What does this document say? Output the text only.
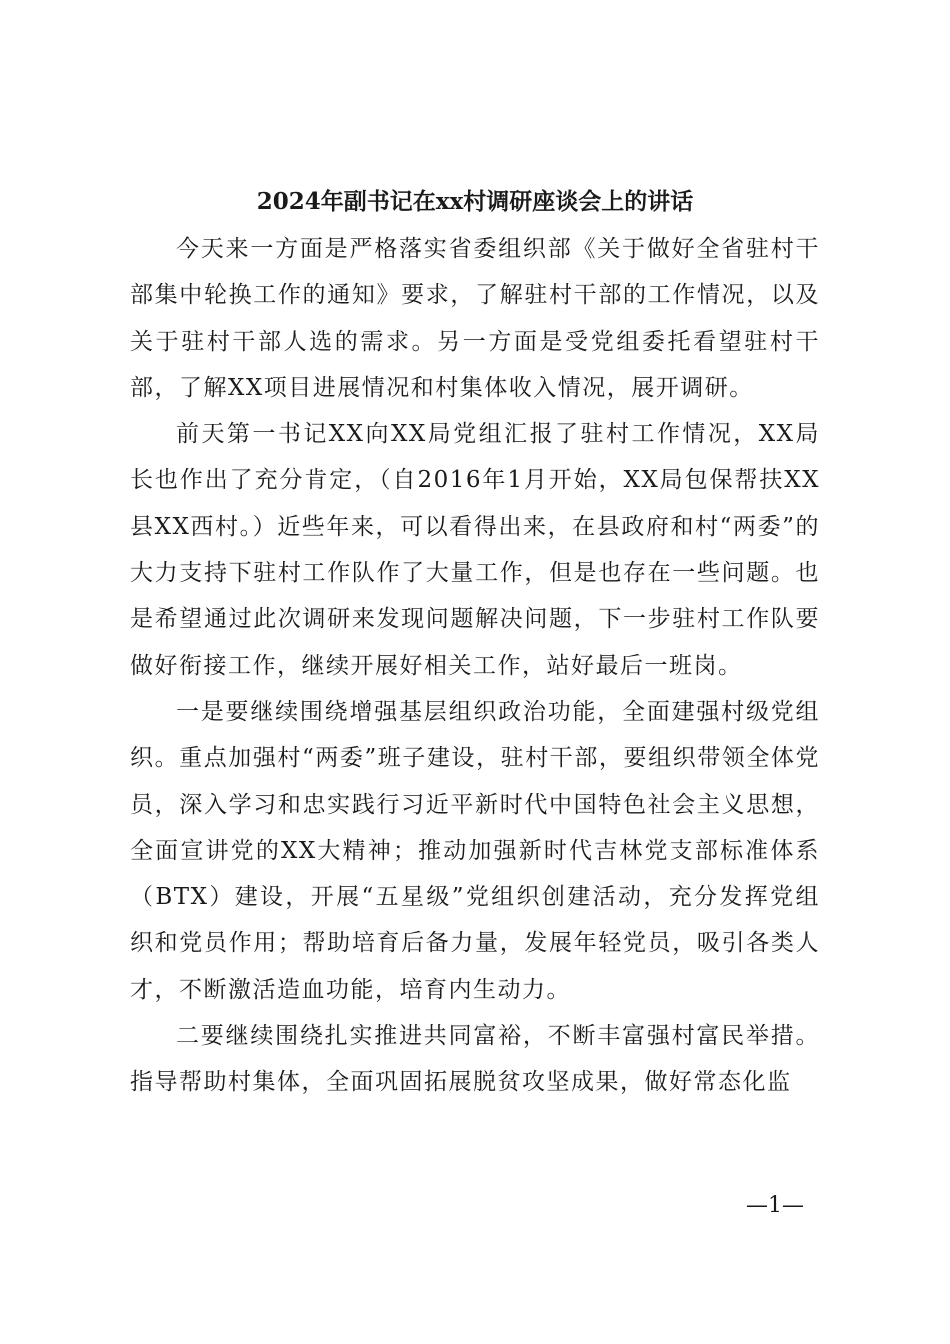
2024年副书记在xx村调研座谈会上的讲话

今天来一方面是严格落实省委组织部《关于做好全省驻村干部集中轮换工作的通知》要求，了解驻村干部的工作情况，以及关于驻村干部人选的需求。另一方面是受党组委托看望驻村干部，了解XX项目进展情况和村集体收入情况，展开调研。

前天第一书记XX向XX局党组汇报了驻村工作情况，XX局长也作出了充分肯定，（自2016年1月开始，XX局包保帮扶XX县XX西村。）近些年来，可以看得出来，在县政府和村“两委”的大力支持下驻村工作队作了大量工作，但是也存在一些问题。也是希望通过此次调研来发现问题解决问题，下一步驻村工作队要做好衔接工作，继续开展好相关工作，站好最后一班岗。

一是要继续围绕增强基层组织政治功能，全面建强村级党组织。重点加强村“两委”班子建设，驻村干部，要组织带领全体党员，深入学习和忠实践行习近平新时代中国特色社会主义思想，全面宣讲党的XX大精神；推动加强新时代吉林党支部标准体系（BTX）建设，开展“五星级”党组织创建活动，充分发挥党组织和党员作用；帮助培育后备力量，发展年轻党员，吸引各类人才，不断激活造血功能，培育内生动力。

二要继续围绕扎实推进共同富裕，不断丰富强村富民举措。指导帮助村集体，全面巩固拓展脱贫攻坚成果，做好常态化监

—1—
